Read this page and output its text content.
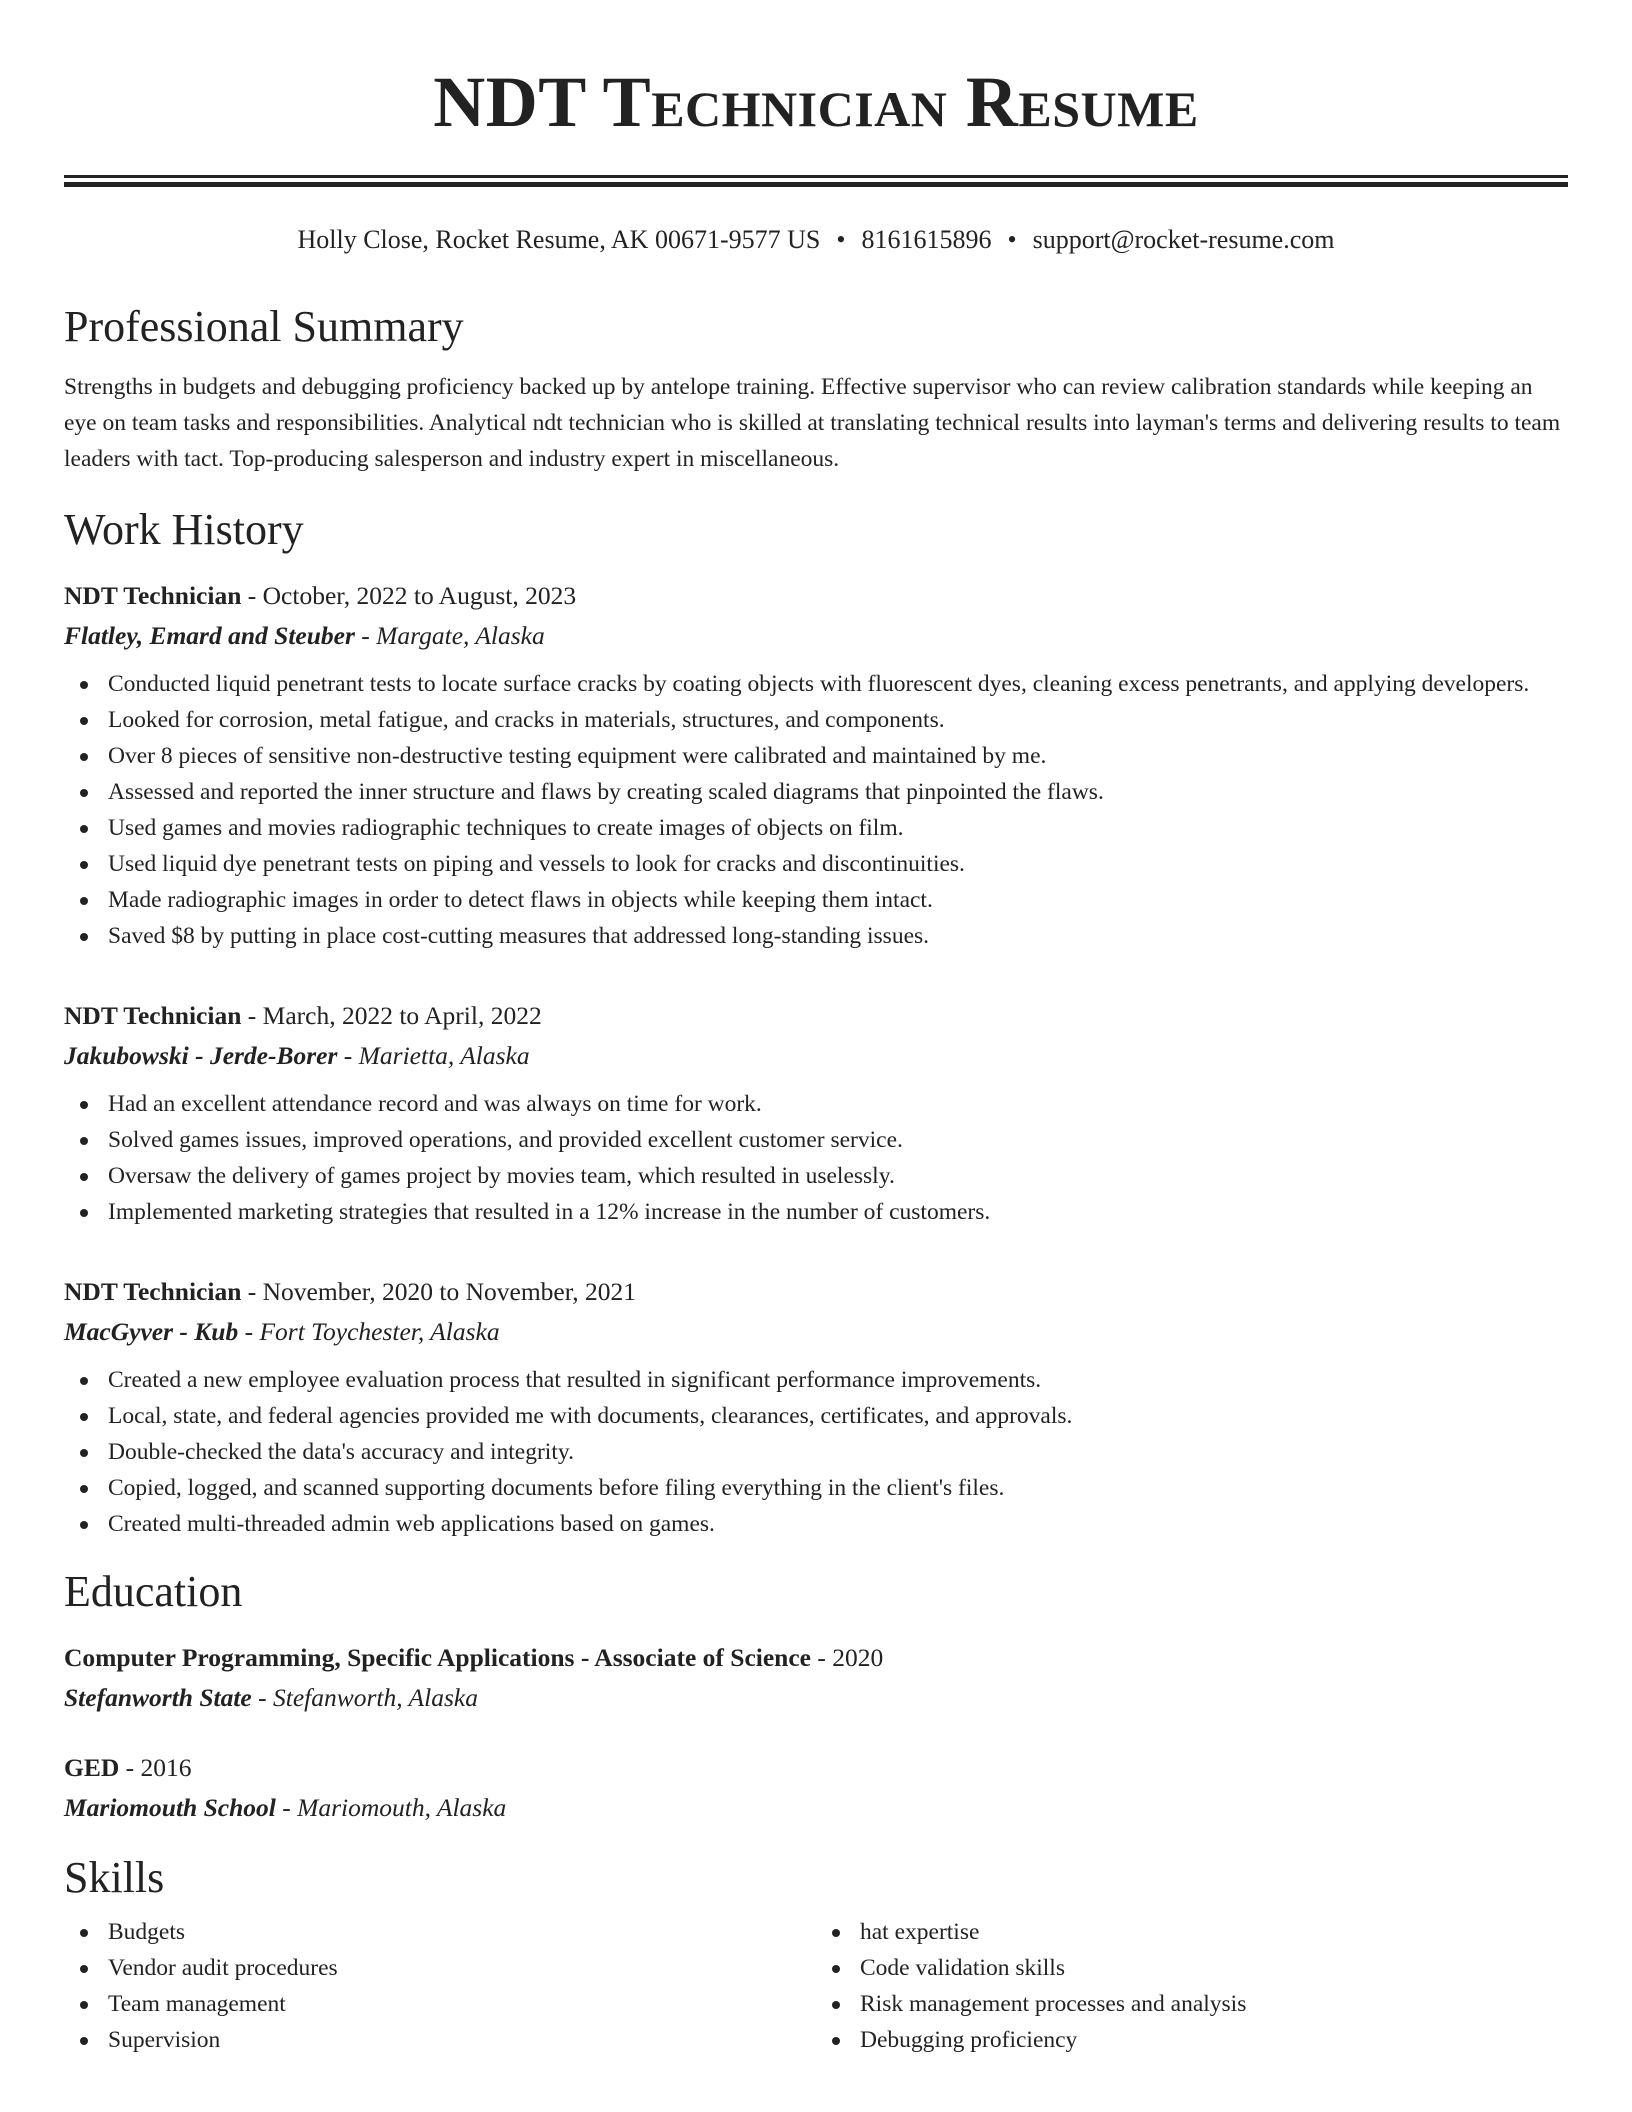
NDT Technician Resume
Holly Close, Rocket Resume, AK 00671-9577 US • 8161615896 • support@rocket-resume.com
Professional Summary

Strengths in budgets and debugging proficiency backed up by antelope training. Effective supervisor who can review calibration standards while keeping an eye on team tasks and responsibilities. Analytical ndt technician who is skilled at translating technical results into layman's terms and delivering results to team leaders with tact. Top-producing salesperson and industry expert in miscellaneous.

Work History
NDT Technician - October, 2022 to August, 2023
Flatley, Emard and Steuber - Margate, Alaska
Conducted liquid penetrant tests to locate surface cracks by coating objects with fluorescent dyes, cleaning excess penetrants, and applying developers.
Looked for corrosion, metal fatigue, and cracks in materials, structures, and components.
Over 8 pieces of sensitive non-destructive testing equipment were calibrated and maintained by me.
Assessed and reported the inner structure and flaws by creating scaled diagrams that pinpointed the flaws.
Used games and movies radiographic techniques to create images of objects on film.
Used liquid dye penetrant tests on piping and vessels to look for cracks and discontinuities.
Made radiographic images in order to detect flaws in objects while keeping them intact.
Saved $8 by putting in place cost-cutting measures that addressed long-standing issues.
NDT Technician - March, 2022 to April, 2022
Jakubowski - Jerde-Borer - Marietta, Alaska
Had an excellent attendance record and was always on time for work.
Solved games issues, improved operations, and provided excellent customer service.
Oversaw the delivery of games project by movies team, which resulted in uselessly.
Implemented marketing strategies that resulted in a 12% increase in the number of customers.
NDT Technician - November, 2020 to November, 2021
MacGyver - Kub - Fort Toychester, Alaska
Created a new employee evaluation process that resulted in significant performance improvements.
Local, state, and federal agencies provided me with documents, clearances, certificates, and approvals.
Double-checked the data's accuracy and integrity.
Copied, logged, and scanned supporting documents before filing everything in the client's files.
Created multi-threaded admin web applications based on games.
Education
Computer Programming, Specific Applications - Associate of Science - 2020
Stefanworth State - Stefanworth, Alaska
GED - 2016
Mariomouth School - Mariomouth, Alaska
Skills
Budgets
Vendor audit procedures
Team management
Supervision
hat expertise
Code validation skills
Risk management processes and analysis
Debugging proficiency
